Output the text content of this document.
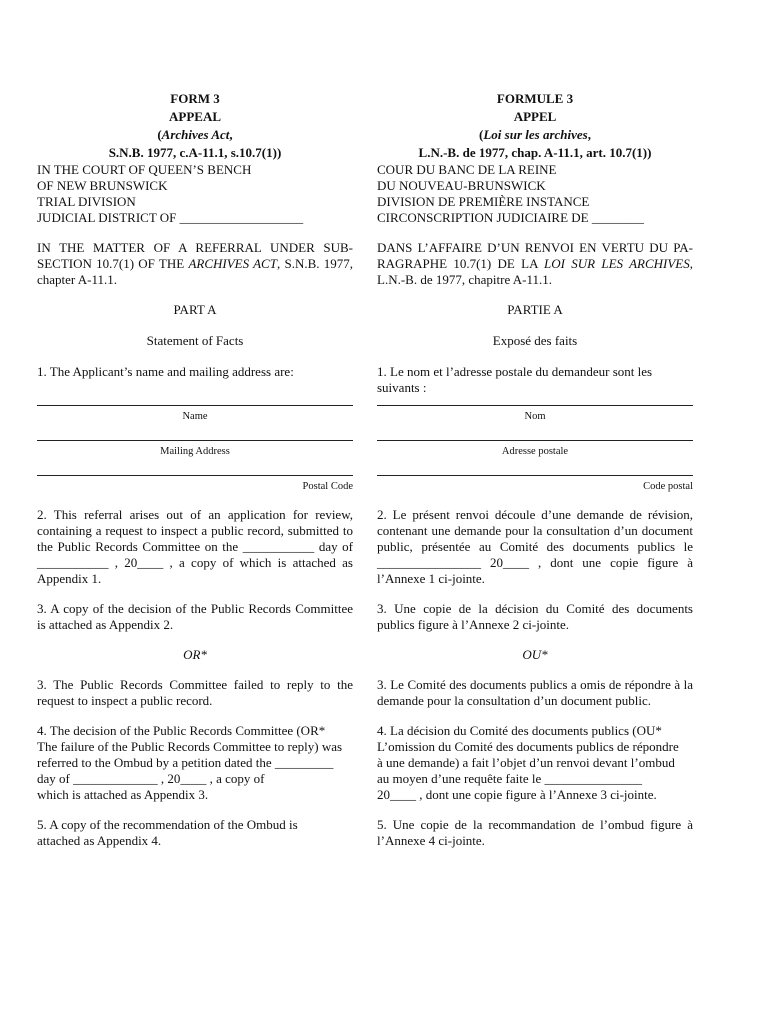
FORM 3
APPEAL
(Archives Act,
S.N.B. 1977, c.A-11.1, s.10.7(1))
IN THE COURT OF QUEEN’S BENCH
OF NEW BRUNSWICK
TRIAL DIVISION
JUDICIAL DISTRICT OF ___________________
IN THE MATTER OF A REFERRAL UNDER SUB-SECTION 10.7(1) OF THE ARCHIVES ACT, S.N.B. 1977, chapter A-11.1.
PART A
Statement of Facts
1. The Applicant’s name and mailing address are:
Name
Mailing Address
Postal Code
2. This referral arises out of an application for review, containing a request to inspect a public record, submitted to the Public Records Committee on the ___________ day of ___________ , 20____ , a copy of which is attached as Appendix 1.
3. A copy of the decision of the Public Records Committee is attached as Appendix 2.
OR*
3. The Public Records Committee failed to reply to the request to inspect a public record.
4. The decision of the Public Records Committee (OR*
The failure of the Public Records Committee to reply) was
referred to the Ombud by a petition dated the _________
day of _____________ , 20____ , a copy of
which is attached as Appendix 3.
5. A copy of the recommendation of the Ombud is attached as Appendix 4.
FORMULE 3
APPEL
(Loi sur les archives,
L.N.-B. de 1977, chap. A-11.1, art. 10.7(1))
COUR DU BANC DE LA REINE
DU NOUVEAU-BRUNSWICK
DIVISION DE PREMIÈRE INSTANCE
CIRCONSCRIPTION JUDICIAIRE DE ________
DANS L’AFFAIRE D’UN RENVOI EN VERTU DU PA-RAGRAPHE 10.7(1) DE LA LOI SUR LES ARCHIVES, L.N.-B. de 1977, chapitre A-11.1.
PARTIE A
Exposé des faits
1. Le nom et l’adresse postale du demandeur sont les suivants :
Nom
Adresse postale
Code postal
2. Le présent renvoi découle d’une demande de révision, contenant une demande pour la consultation d’un document public, présentée au Comité des documents publics le ________________ 20____ , dont une copie figure à l’Annexe 1 ci-jointe.
3. Une copie de la décision du Comité des documents publics figure à l’Annexe 2 ci-jointe.
OU*
3. Le Comité des documents publics a omis de répondre à la demande pour la consultation d’un document public.
4. La décision du Comité des documents publics (OU*
L’omission du Comité des documents publics de répondre
à une demande) a fait l’objet d’un renvoi devant l’ombud
au moyen d’une requête faite le _______________
20____ , dont une copie figure à l’Annexe 3 ci-jointe.
5. Une copie de la recommandation de l’ombud figure à l’Annexe 4 ci-jointe.
